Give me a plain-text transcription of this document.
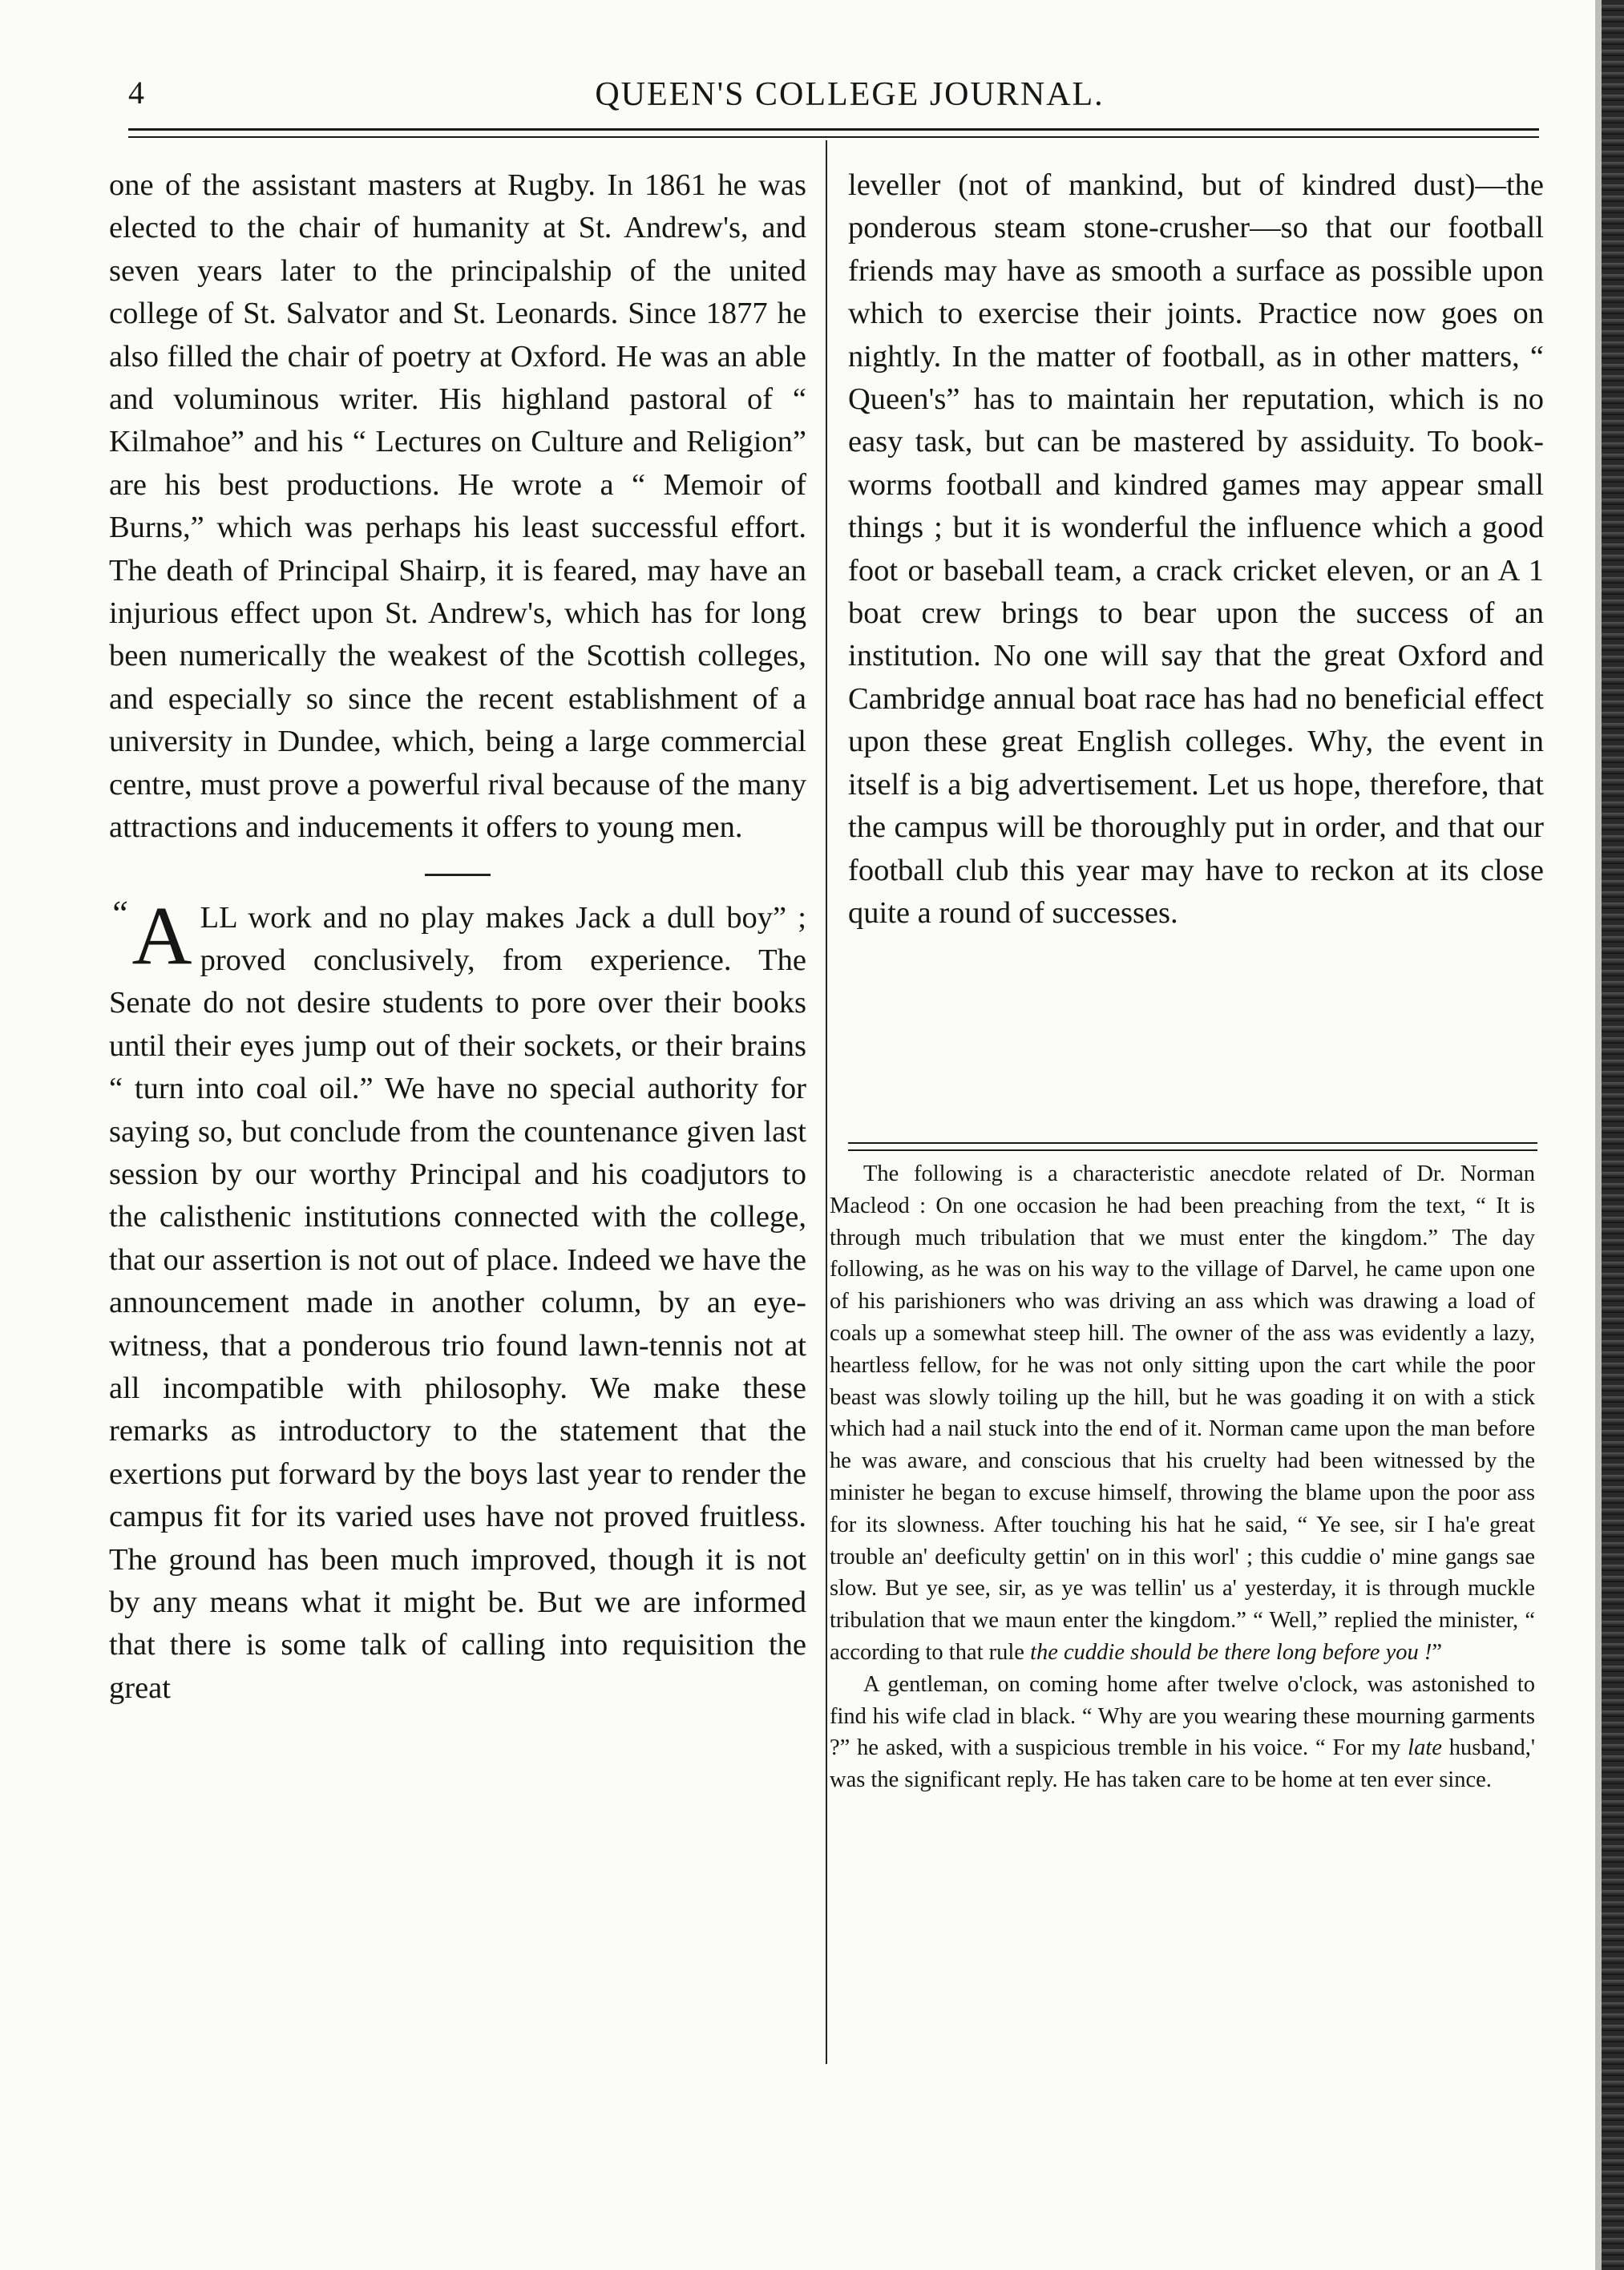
4	QUEEN'S COLLEGE JOURNAL.

one of the assistant masters at Rugby. In 1861 he was elected to the chair of humanity at St. Andrew's, and seven years later to the principalship of the united college of St. Salvator and St. Leonards. Since 1877 he also filled the chair of poetry at Oxford. He was an able and voluminous writer. His highland pastoral of “ Kilmahoe” and his “ Lectures on Culture and Religion” are his best productions. He wrote a “ Memoir of Burns,” which was perhaps his least successful effort. The death of Principal Shairp, it is feared, may have an injurious effect upon St. Andrew's, which has for long been numerically the weakest of the Scottish colleges, and especially so since the recent establishment of a university in Dundee, which, being a large commercial centre, must prove a powerful rival because of the many attractions and inducements it offers to young men.

“ A LL work and no play makes Jack a dull boy” ; proved conclusively, from experience. The Senate do not desire students to pore over their books until their eyes jump out of their sockets, or their brains “ turn into coal oil.” We have no special authority for saying so, but conclude from the countenance given last session by our worthy Principal and his coadjutors to the calisthenic institutions connected with the college, that our assertion is not out of place. Indeed we have the announcement made in another column, by an eye-witness, that a ponderous trio found lawn-tennis not at all incompatible with philosophy. We make these remarks as introductory to the statement that the exertions put forward by the boys last year to render the campus fit for its varied uses have not proved fruitless. The ground has been much improved, though it is not by any means what it might be. But we are informed that there is some talk of calling into requisition the great

leveller (not of mankind, but of kindred dust)—the ponderous steam stone-crusher—so that our football friends may have as smooth a surface as possible upon which to exercise their joints. Practice now goes on nightly. In the matter of football, as in other matters, “ Queen's” has to maintain her reputation, which is no easy task, but can be mastered by assiduity. To book-worms football and kindred games may appear small things ; but it is wonderful the influence which a good foot or baseball team, a crack cricket eleven, or an A 1 boat crew brings to bear upon the success of an institution. No one will say that the great Oxford and Cambridge annual boat race has had no beneficial effect upon these great English colleges. Why, the event in itself is a big advertisement. Let us hope, therefore, that the campus will be thoroughly put in order, and that our football club this year may have to reckon at its close quite a round of successes.

The following is a characteristic anecdote related of Dr. Norman Macleod : On one occasion he had been preaching from the text, “ It is through much tribulation that we must enter the kingdom.” The day following, as he was on his way to the village of Darvel, he came upon one of his parishioners who was driving an ass which was drawing a load of coals up a somewhat steep hill. The owner of the ass was evidently a lazy, heartless fellow, for he was not only sitting upon the cart while the poor beast was slowly toiling up the hill, but he was goading it on with a stick which had a nail stuck into the end of it. Norman came upon the man before he was aware, and conscious that his cruelty had been witnessed by the minister he began to excuse himself, throwing the blame upon the poor ass for its slowness. After touching his hat he said, “ Ye see, sir I ha'e great trouble an' deeficulty gettin' on in this worl' ; this cuddie o' mine gangs sae slow. But ye see, sir, as ye was tellin' us a' yesterday, it is through muckle tribulation that we maun enter the kingdom.” “ Well,” replied the minister, “ according to that rule the cuddie should be there long before you !”

A gentleman, on coming home after twelve o'clock, was astonished to find his wife clad in black. “ Why are you wearing these mourning garments ?” he asked, with a suspicious tremble in his voice. “ For my late husband,' was the significant reply. He has taken care to be home at ten ever since.
